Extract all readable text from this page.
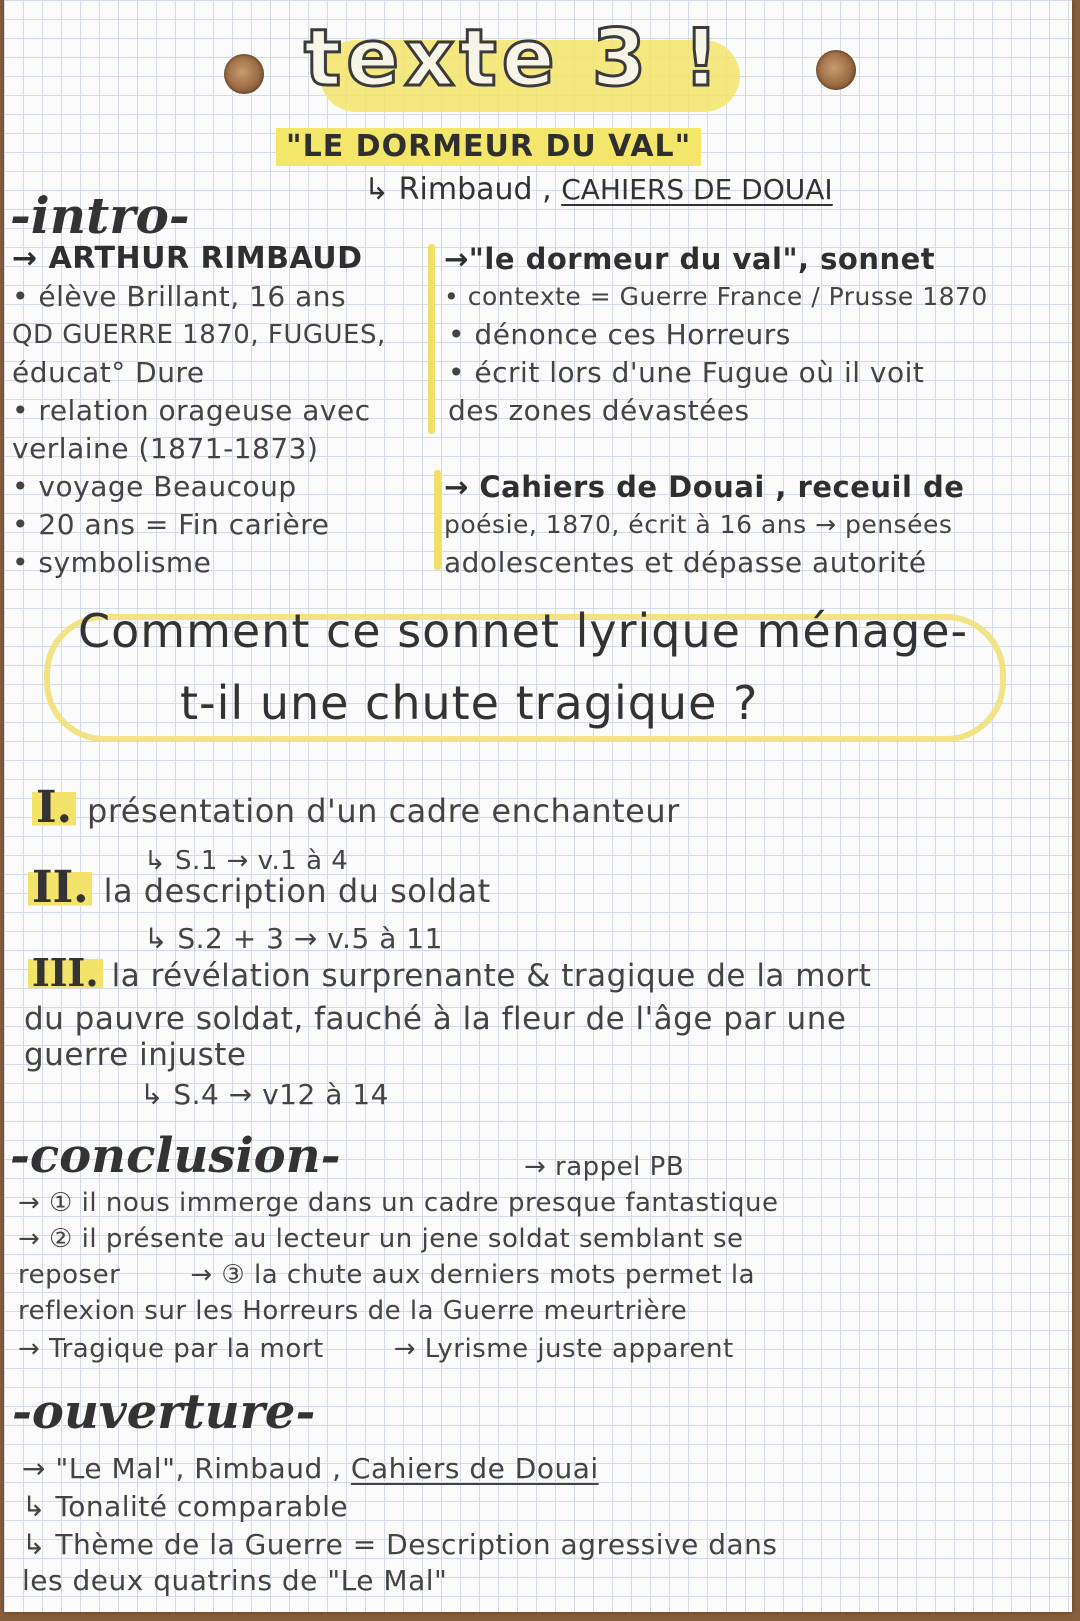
texte 3 !
"LE DORMEUR DU VAL"
↳ Rimbaud , CAHIERS DE DOUAI
-intro-
→ ARTHUR RIMBAUD
• élève Brillant, 16 ans
QD GUERRE 1870, FUGUES,
éducat° Dure
• relation orageuse avec
verlaine (1871-1873)
• voyage Beaucoup
• 20 ans = Fin carière
• symbolisme
→"le dormeur du val", sonnet
• contexte = Guerre France / Prusse 1870
• dénonce ces Horreurs
• écrit lors d'une Fugue où il voit
des zones dévastées
→ Cahiers de Douai , receuil de
poésie, 1870, écrit à 16 ans → pensées
adolescentes et dépasse autorité
Comment ce sonnet lyrique ménage-
t-il une chute tragique ?
I. présentation d'un cadre enchanteur
↳ S.1 → v.1 à 4
II. la description du soldat
↳ S.2 + 3 → v.5 à 11
III. la révélation surprenante & tragique de la mort
du pauvre soldat, fauché à la fleur de l'âge par une
guerre injuste
↳ S.4 → v12 à 14
-conclusion-	→ rappel PB
→ ① il nous immerge dans un cadre presque fantastique
→ ② il présente au lecteur un jene soldat semblant se
reposer        → ③ la chute aux derniers mots permet la
reflexion sur les Horreurs de la Guerre meurtrière
→ Tragique par la mort        → Lyrisme juste apparent
-ouverture-
→ "Le Mal", Rimbaud , Cahiers de Douai
↳ Tonalité comparable
↳ Thème de la Guerre = Description agressive dans
les deux quatrins de "Le Mal"
